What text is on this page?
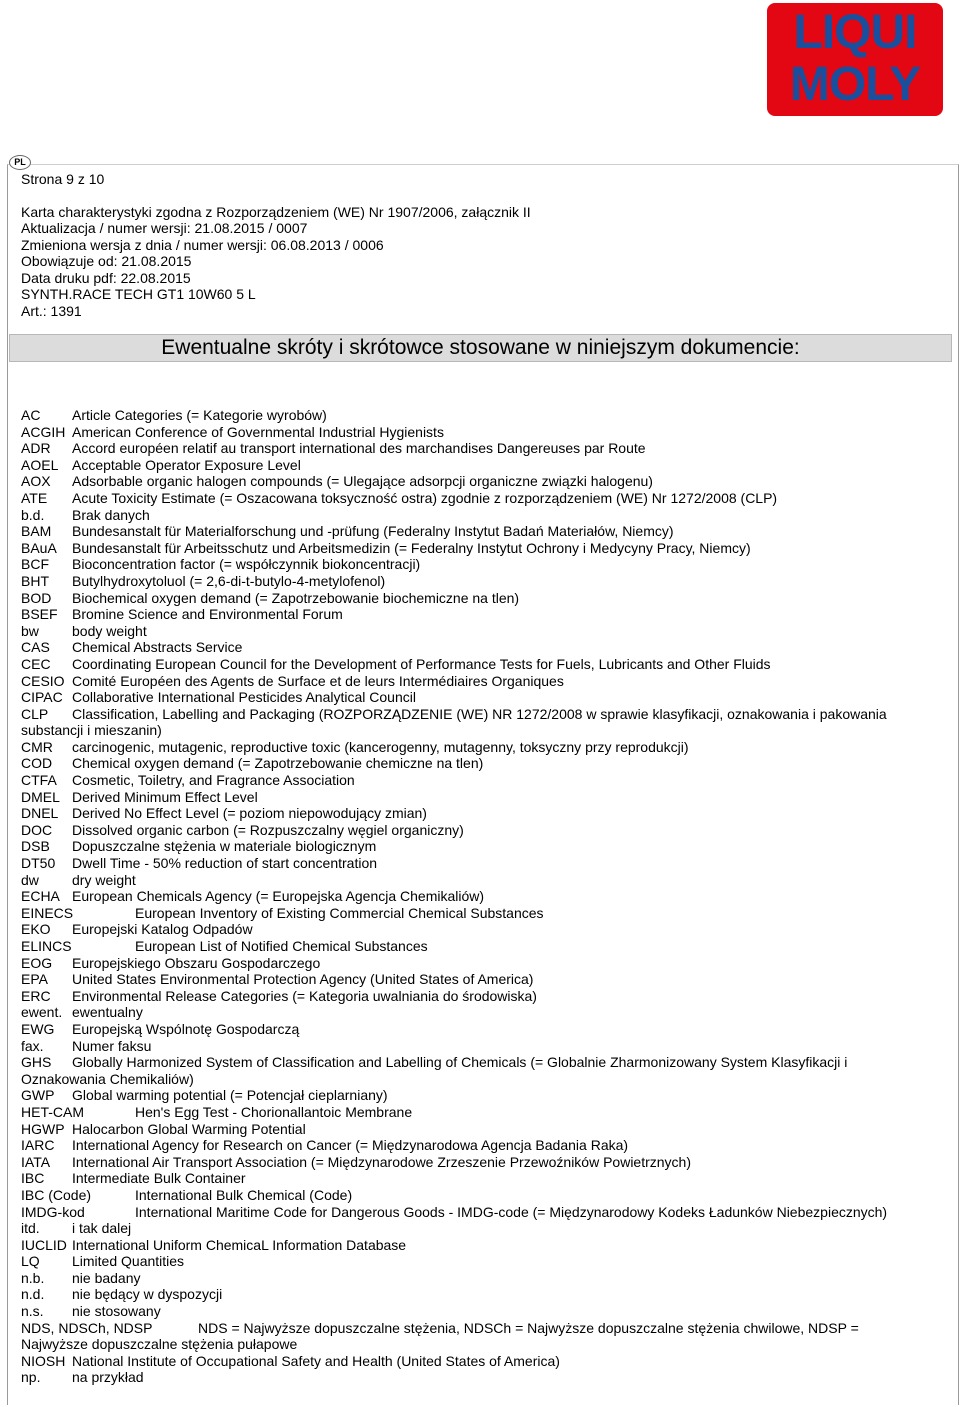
LIQUI
MOLY
PL
Strona 9 z 10
Karta charakterystyki zgodna z Rozporządzeniem (WE) Nr 1907/2006, załącznik II
Aktualizacja / numer wersji: 21.08.2015 / 0007
Zmieniona wersja z dnia / numer wersji: 06.08.2013 / 0006
Obowiązuje od: 21.08.2015
Data druku pdf: 22.08.2015
SYNTH.RACE TECH GT1 10W60 5 L
Art.: 1391
Ewentualne skróty i skrótowce stosowane w niniejszym dokumencie:
AC Article Categories (= Kategorie wyrobów)
ACGIH American Conference of Governmental Industrial Hygienists
ADR Accord européen relatif au transport international des marchandises Dangereuses par Route
AOEL Acceptable Operator Exposure Level
AOX Adsorbable organic halogen compounds (= Ulegające adsorpcji organiczne związki halogenu)
ATE Acute Toxicity Estimate (= Oszacowana toksyczność ostra) zgodnie z rozporządzeniem (WE) Nr 1272/2008 (CLP)
b.d. Brak danych
BAM Bundesanstalt für Materialforschung und -prüfung (Federalny Instytut Badań Materiałów, Niemcy)
BAuA Bundesanstalt für Arbeitsschutz und Arbeitsmedizin (= Federalny Instytut Ochrony i Medycyny Pracy, Niemcy)
BCF Bioconcentration factor (= współczynnik biokoncentracji)
BHT Butylhydroxytoluol (= 2,6-di-t-butylo-4-metylofenol)
BOD Biochemical oxygen demand (= Zapotrzebowanie biochemiczne na tlen)
BSEF Bromine Science and Environmental Forum
bw body weight
CAS Chemical Abstracts Service
CEC Coordinating European Council for the Development of Performance Tests for Fuels, Lubricants and Other Fluids
CESIO Comité Européen des Agents de Surface et de leurs Intermédiaires Organiques
CIPAC Collaborative International Pesticides Analytical Council
CLP Classification, Labelling and Packaging (ROZPORZĄDZENIE (WE) NR 1272/2008 w sprawie klasyfikacji, oznakowania i pakowania substancji i mieszanin)
CMR carcinogenic, mutagenic, reproductive toxic (kancerogenny, mutagenny, toksyczny przy reprodukcji)
COD Chemical oxygen demand (= Zapotrzebowanie chemiczne na tlen)
CTFA Cosmetic, Toiletry, and Fragrance Association
DMEL Derived Minimum Effect Level
DNEL Derived No Effect Level (= poziom niepowodujący zmian)
DOC Dissolved organic carbon (= Rozpuszczalny węgiel organiczny)
DSB Dopuszczalne stężenia w materiale biologicznym
DT50 Dwell Time - 50% reduction of start concentration
dw dry weight
ECHA European Chemicals Agency (= Europejska Agencja Chemikaliów)
EINECS	European Inventory of Existing Commercial Chemical Substances
EKO Europejski Katalog Odpadów
ELINCS	European List of Notified Chemical Substances
EOG Europejskiego Obszaru Gospodarczego
EPA United States Environmental Protection Agency (United States of America)
ERC Environmental Release Categories (= Kategoria uwalniania do środowiska)
ewent. ewentualny
EWG Europejską Wspólnotę Gospodarczą
fax. Numer faksu
GHS Globally Harmonized System of Classification and Labelling of Chemicals (= Globalnie Zharmonizowany System Klasyfikacji i Oznakowania Chemikaliów)
GWP Global warming potential (= Potencjał cieplarniany)
HET-CAM	Hen's Egg Test - Chorionallantoic Membrane
HGWP Halocarbon Global Warming Potential
IARC International Agency for Research on Cancer (= Międzynarodowa Agencja Badania Raka)
IATA International Air Transport Association (= Międzynarodowe Zrzeszenie Przewoźników Powietrznych)
IBC Intermediate Bulk Container
IBC (Code)	International Bulk Chemical (Code)
IMDG-kod	International Maritime Code for Dangerous Goods - IMDG-code (= Międzynarodowy Kodeks Ładunków Niebezpiecznych)
itd. i tak dalej
IUCLID International Uniform ChemicaL Information Database
LQ Limited Quantities
n.b. nie badany
n.d. nie będący w dyspozycji
n.s. nie stosowany
NDS, NDSCh, NDSP	NDS = Najwyższe dopuszczalne stężenia, NDSCh = Najwyższe dopuszczalne stężenia chwilowe, NDSP = Najwyższe dopuszczalne stężenia pułapowe
NIOSH National Institute of Occupational Safety and Health (United States of America)
np. na przykład
